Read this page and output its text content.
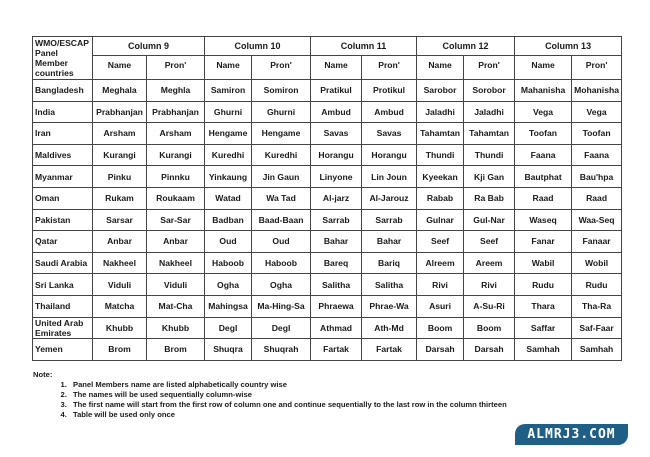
WMO/ESCAP Panel Member countries	Column 9		Column 10		Column 11		Column 12		Column 13	
	Name	Pron'	Name	Pron'	Name	Pron'	Name	Pron'	Name	Pron'
Bangladesh	Meghala	Meghla	Samiron	Somiron	Pratikul	Protikul	Sarobor	Sorobor	Mahanisha	Mohanisha
India	Prabhanjan	Prabhanjan	Ghurni	Ghurni	Ambud	Ambud	Jaladhi	Jaladhi	Vega	Vega
Iran	Arsham	Arsham	Hengame	Hengame	Savas	Savas	Tahamtan	Tahamtan	Toofan	Toofan
Maldives	Kurangi	Kurangi	Kuredhi	Kuredhi	Horangu	Horangu	Thundi	Thundi	Faana	Faana
Myanmar	Pinku	Pinnku	Yinkaung	Jin Gaun	Linyone	Lin Joun	Kyeekan	Kji Gan	Bautphat	Bau'hpa
Oman	Rukam	Roukaam	Watad	Wa Tad	Al-jarz	Al-Jarouz	Rabab	Ra Bab	Raad	Raad
Pakistan	Sarsar	Sar-Sar	Badban	Baad-Baan	Sarrab	Sarrab	Gulnar	Gul-Nar	Waseq	Waa-Seq
Qatar	Anbar	Anbar	Oud	Oud	Bahar	Bahar	Seef	Seef	Fanar	Fanaar
Saudi Arabia	Nakheel	Nakheel	Haboob	Haboob	Bareq	Bariq	Alreem	Areem	Wabil	Wobil
Sri Lanka	Viduli	Viduli	Ogha	Ogha	Salitha	Salitha	Rivi	Rivi	Rudu	Rudu
Thailand	Matcha	Mat-Cha	Mahingsa	Ma-Hing-Sa	Phraewa	Phrae-Wa	Asuri	A-Su-Ri	Thara	Tha-Ra
United Arab Emirates	Khubb	Khubb	Degl	Degl	Athmad	Ath-Md	Boom	Boom	Saffar	Saf-Faar
Yemen	Brom	Brom	Shuqra	Shuqrah	Fartak	Fartak	Darsah	Darsah	Samhah	Samhah
Note:
1. Panel Members name are listed alphabetically country wise
2. The names will be used sequentially column-wise
3. The first name will start from the first row of column one and continue sequentially to the last row in the column thirteen
4. Table will be used only once
ALMRJ3.COM
